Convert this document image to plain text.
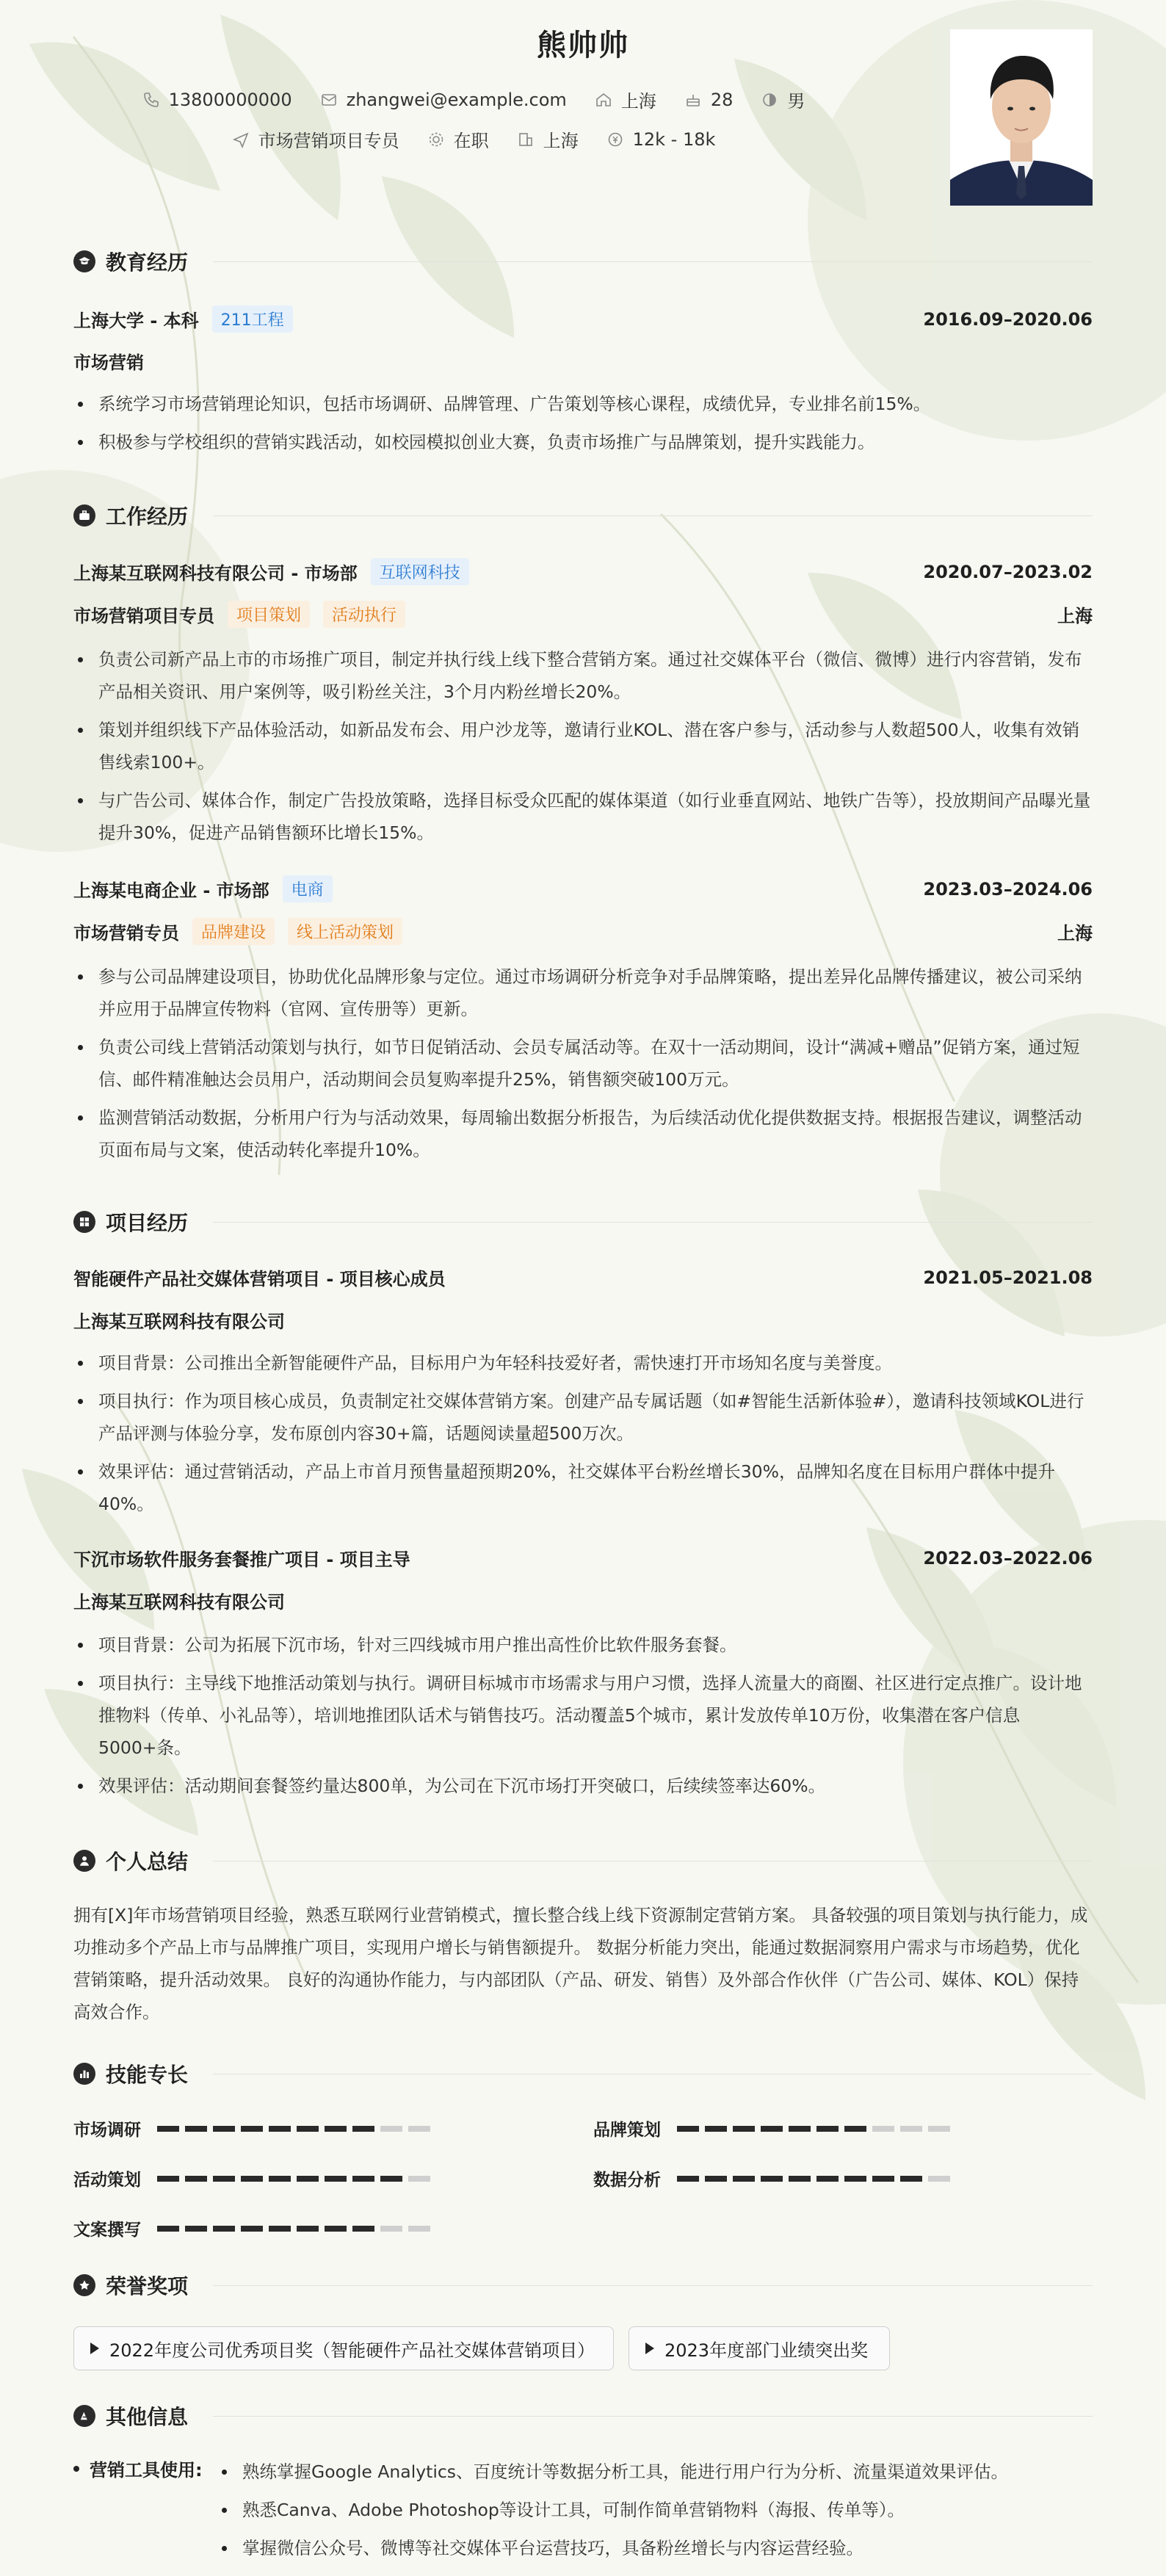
熊帅帅
13800000000	zhangwei@example.com	上海	28	男
市场营销项目专员	在职	上海	12k - 18k
教育经历
上海大学 - 本科	211工程	2016.09–2020.06
市场营销
系统学习市场营销理论知识，包括市场调研、品牌管理、广告策划等核心课程，成绩优异，专业排名前15%。
积极参与学校组织的营销实践活动，如校园模拟创业大赛，负责市场推广与品牌策划，提升实践能力。
工作经历
上海某互联网科技有限公司 - 市场部	互联网科技	2020.07–2023.02
市场营销项目专员	项目策划	活动执行	上海
负责公司新产品上市的市场推广项目，制定并执行线上线下整合营销方案。通过社交媒体平台（微信、微博）进行内容营销，发布产品相关资讯、用户案例等，吸引粉丝关注，3个月内粉丝增长20%。
策划并组织线下产品体验活动，如新品发布会、用户沙龙等，邀请行业KOL、潜在客户参与，活动参与人数超500人，收集有效销售线索100+。
与广告公司、媒体合作，制定广告投放策略，选择目标受众匹配的媒体渠道（如行业垂直网站、地铁广告等），投放期间产品曝光量提升30%，促进产品销售额环比增长15%。
上海某电商企业 - 市场部	电商	2023.03–2024.06
市场营销专员	品牌建设	线上活动策划	上海
参与公司品牌建设项目，协助优化品牌形象与定位。通过市场调研分析竞争对手品牌策略，提出差异化品牌传播建议，被公司采纳并应用于品牌宣传物料（官网、宣传册等）更新。
负责公司线上营销活动策划与执行，如节日促销活动、会员专属活动等。在双十一活动期间，设计“满减+赠品”促销方案，通过短信、邮件精准触达会员用户，活动期间会员复购率提升25%，销售额突破100万元。
监测营销活动数据，分析用户行为与活动效果，每周输出数据分析报告，为后续活动优化提供数据支持。根据报告建议，调整活动页面布局与文案，使活动转化率提升10%。
项目经历
智能硬件产品社交媒体营销项目 - 项目核心成员	2021.05–2021.08
上海某互联网科技有限公司
项目背景：公司推出全新智能硬件产品，目标用户为年轻科技爱好者，需快速打开市场知名度与美誉度。
项目执行：作为项目核心成员，负责制定社交媒体营销方案。创建产品专属话题（如#智能生活新体验#），邀请科技领域KOL进行产品评测与体验分享，发布原创内容30+篇，话题阅读量超500万次。
效果评估：通过营销活动，产品上市首月预售量超预期20%，社交媒体平台粉丝增长30%，品牌知名度在目标用户群体中提升40%。
下沉市场软件服务套餐推广项目 - 项目主导	2022.03–2022.06
上海某互联网科技有限公司
项目背景：公司为拓展下沉市场，针对三四线城市用户推出高性价比软件服务套餐。
项目执行：主导线下地推活动策划与执行。调研目标城市市场需求与用户习惯，选择人流量大的商圈、社区进行定点推广。设计地推物料（传单、小礼品等），培训地推团队话术与销售技巧。活动覆盖5个城市，累计发放传单10万份，收集潜在客户信息5000+条。
效果评估：活动期间套餐签约量达800单，为公司在下沉市场打开突破口，后续续签率达60%。
个人总结

拥有[X]年市场营销项目经验，熟悉互联网行业营销模式，擅长整合线上线下资源制定营销方案。 具备较强的项目策划与执行能力，成功推动多个产品上市与品牌推广项目，实现用户增长与销售额提升。 数据分析能力突出，能通过数据洞察用户需求与市场趋势，优化营销策略，提升活动效果。 良好的沟通协作能力，与内部团队（产品、研发、销售）及外部合作伙伴（广告公司、媒体、KOL）保持高效合作。

技能专长
市场调研	品牌策划
活动策划	数据分析
文案撰写
荣誉奖项
2022年度公司优秀项目奖（智能硬件产品社交媒体营销项目）	2023年度部门业绩突出奖
其他信息
营销工具使用:	熟练掌握Google Analytics、百度统计等数据分析工具，能进行用户行为分析、流量渠道效果评估。
熟悉Canva、Adobe Photoshop等设计工具，可制作简单营销物料（海报、传单等）。
掌握微信公众号、微博等社交媒体平台运营技巧，具备粉丝增长与内容运营经验。
